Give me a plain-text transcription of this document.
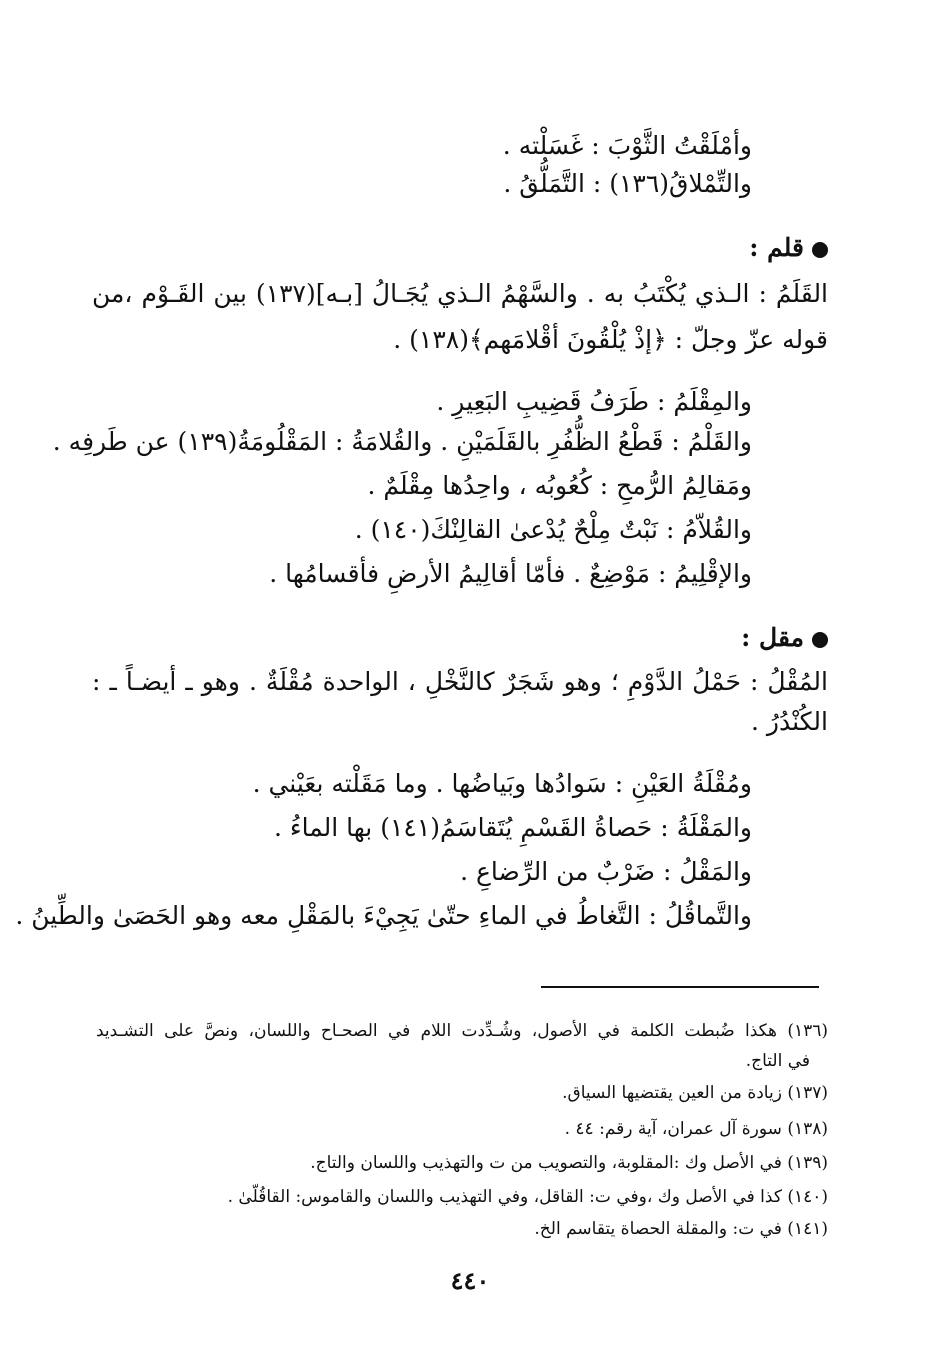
وأمْلَقْتُ الثَّوْبَ : غَسَلْته .
والتِّمْلاقُ(١٣٦) : التَّمَلُّقُ .
قلم :
القَلَمُ : الـذي يُكْتَبُ به . والسَّهْمُ الـذي يُجَـالُ [بـه](١٣٧) بين القَـوْم ،من
قوله عزّ وجلّ : ﴿إذْ يُلْقُونَ أقْلامَهم﴾(١٣٨) .
والمِقْلَمُ : طَرَفُ قَضِيبِ البَعِيرِ .
والقَلْمُ : قَطْعُ الظُّفُرِ بالقَلَمَيْنِ . والقُلامَةُ : المَقْلُومَةُ(١٣٩) عن طَرفِه .
ومَقالِمُ الرُّمحِ : كُعُوبُه ، واحِدُها مِقْلَمٌ .
والقُلاّمُ : نَبْتٌ مِلْحٌ يُدْعىٰ القالِنْكَ(١٤٠) .
والإقْلِيمُ : مَوْضِعٌ . فأمّا أقالِيمُ الأرضِ فأقسامُها .
مقل :
المُقْلُ : حَمْلُ الدَّوْمِ ؛ وهو شَجَرٌ كالنَّخْلِ ، الواحدة مُقْلَةٌ . وهو ـ أيضـاً ـ :
الكُنْدُرُ .
ومُقْلَةُ العَيْنِ : سَوادُها وبَياضُها . وما مَقَلْته بعَيْني .
والمَقْلَةُ : حَصاةُ القَسْمِ يُتَقاسَمُ(١٤١) بها الماءُ .
والمَقْلُ : ضَرْبٌ من الرِّضاعِ .
والتَّماقُلُ : التَّغاطُ في الماءِ حتّىٰ يَجِيْءَ بالمَقْلِ معه وهو الحَصَىٰ والطِّينُ .
(١٣٦) هكذا ضُبطت الكلمة في الأصول، وشُـدِّدت اللام في الصحـاح واللسان، ونصَّ على التشـديد
في التاج.
(١٣٧) زيادة من العين يقتضيها السياق.
(١٣٨) سورة آل عمران، آية رقم: ٤٤ .
(١٣٩) في الأصل وك :المقلوبة، والتصويب من ت والتهذيب واللسان والتاج.
(١٤٠) كذا في الأصل وك ،وفي ت: القاقل، وفي التهذيب واللسان والقاموس: القاقُلّىٰ .
(١٤١) في ت: والمقلة الحصاة يتقاسم الخ.
٤٤٠
